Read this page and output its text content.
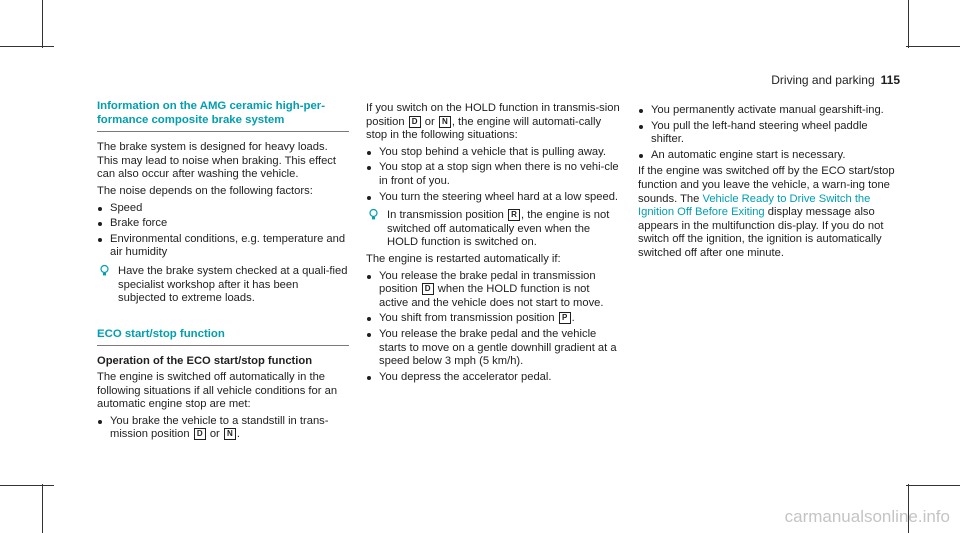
Driving and parking 115
Information on the AMG ceramic high-per-formance composite brake system

The brake system is designed for heavy loads. This may lead to noise when braking. This effect can also occur after washing the vehicle.

The noise depends on the following factors:

Speed
Brake force
Environmental conditions, e.g. temperature and air humidity
Have the brake system checked at a quali-fied specialist workshop after it has been subjected to extreme loads.
ECO start/stop function
Operation of the ECO start/stop function

The engine is switched off automatically in the following situations if all vehicle conditions for an automatic engine stop are met:

You brake the vehicle to a standstill in trans-mission position D or N .

If you switch on the HOLD function in transmis-sion position D or N , the engine will automati-cally stop in the following situations:

You stop behind a vehicle that is pulling away.
You stop at a stop sign when there is no vehi-cle in front of you.
You turn the steering wheel hard at a low speed.
In transmission position R , the engine is not switched off automatically even when the HOLD function is switched on.

The engine is restarted automatically if:

You release the brake pedal in transmission position D when the HOLD function is not active and the vehicle does not start to move.
You shift from transmission position P .
You release the brake pedal and the vehicle starts to move on a gentle downhill gradient at a speed below 3 mph (5 km/h).
You depress the accelerator pedal.
You permanently activate manual gearshift-ing.
You pull the left-hand steering wheel paddle shifter.
An automatic engine start is necessary.

If the engine was switched off by the ECO start/stop function and you leave the vehicle, a warn-ing tone sounds. The Vehicle Ready to Drive Switch the Ignition Off Before Exiting display message also appears in the multifunction dis-play. If you do not switch off the ignition, the ignition is automatically switched off after one minute.

carmanualsonline.info
